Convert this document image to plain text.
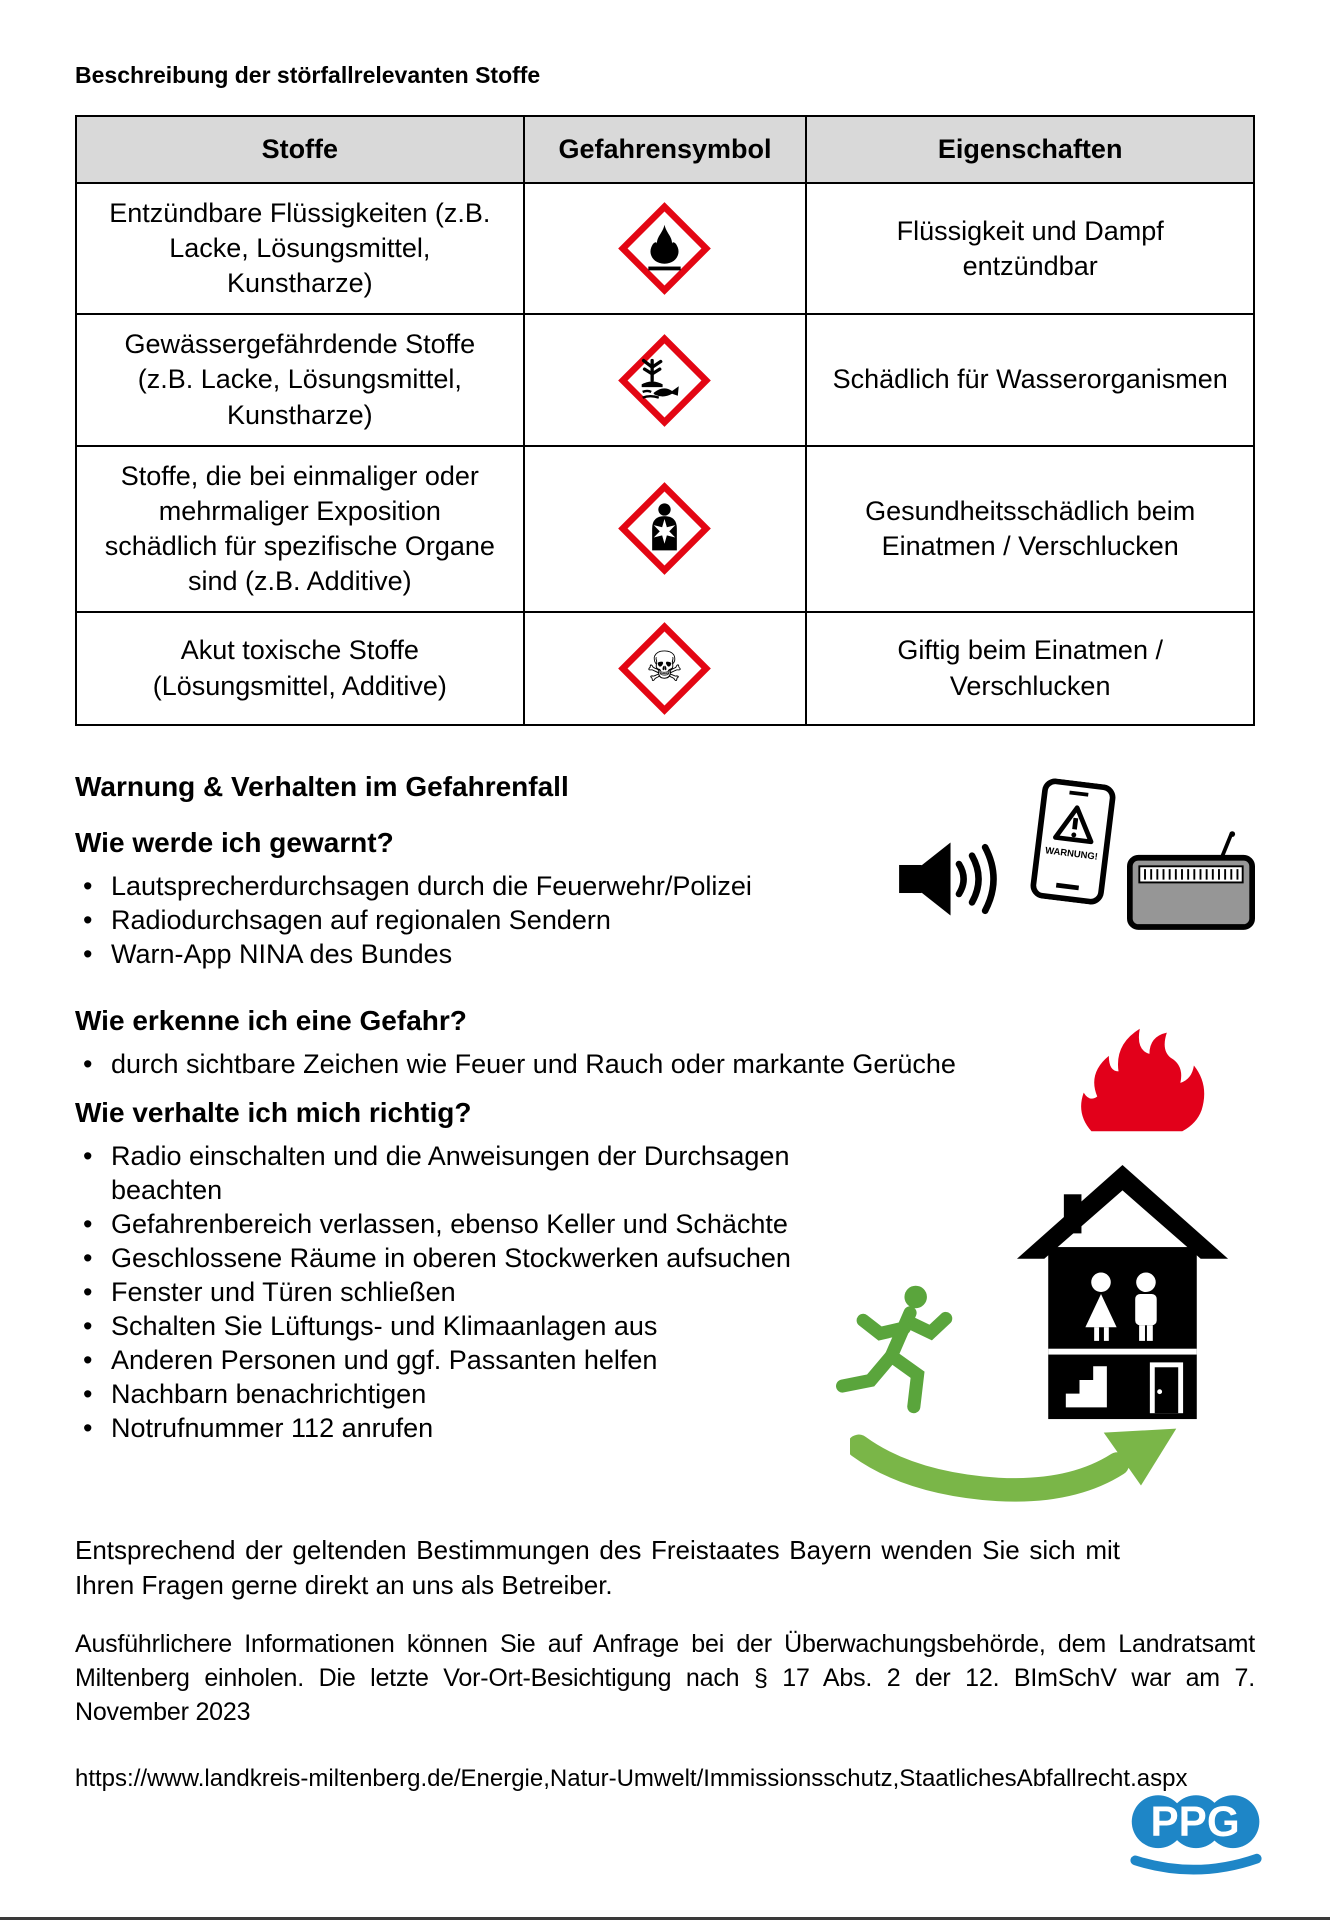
Beschreibung der störfallrelevanten Stoffe
Stoffe	Gefahrensymbol	Eigenschaften
Entzündbare Flüssigkeiten (z.B. Lacke, Lösungsmittel, Kunstharze)		Flüssigkeit und Dampf entzündbar
Gewässergefährdende Stoffe (z.B. Lacke, Lösungsmittel, Kunstharze)		Schädlich für Wasserorganismen
Stoffe, die bei einmaliger oder mehrmaliger Exposition schädlich für spezifische Organe sind (z.B. Additive)		Gesundheitsschädlich beim Einatmen / Verschlucken
Akut toxische Stoffe (Lösungsmittel, Additive)	☠	Giftig beim Einatmen / Verschlucken
Warnung & Verhalten im Gefahrenfall
Wie werde ich gewarnt?
• Lautsprecherdurchsagen durch die Feuerwehr/Polizei
• Radiodurchsagen auf regionalen Sendern
• Warn-App NINA des Bundes
WARNUNG!
Wie erkenne ich eine Gefahr?
• durch sichtbare Zeichen wie Feuer und Rauch oder markante Gerüche
Wie verhalte ich mich richtig?
• Radio einschalten und die Anweisungen der Durchsagen beachten
• Gefahrenbereich verlassen, ebenso Keller und Schächte
• Geschlossene Räume in oberen Stockwerken aufsuchen
• Fenster und Türen schließen
• Schalten Sie Lüftungs- und Klimaanlagen aus
• Anderen Personen und ggf. Passanten helfen
• Nachbarn benachrichtigen
• Notrufnummer 112 anrufen

Entsprechend der geltenden Bestimmungen des Freistaates Bayern wenden Sie sich mit Ihren Fragen gerne direkt an uns als Betreiber.

Ausführlichere Informationen können Sie auf Anfrage bei der Überwachungsbehörde, dem Landratsamt Miltenberg einholen. Die letzte Vor-Ort-Besichtigung nach § 17 Abs. 2 der 12. BImSchV war am 7. November 2023

https://www.landkreis-miltenberg.de/Energie,Natur-Umwelt/Immissionsschutz,StaatlichesAbfallrecht.aspx

PPG
